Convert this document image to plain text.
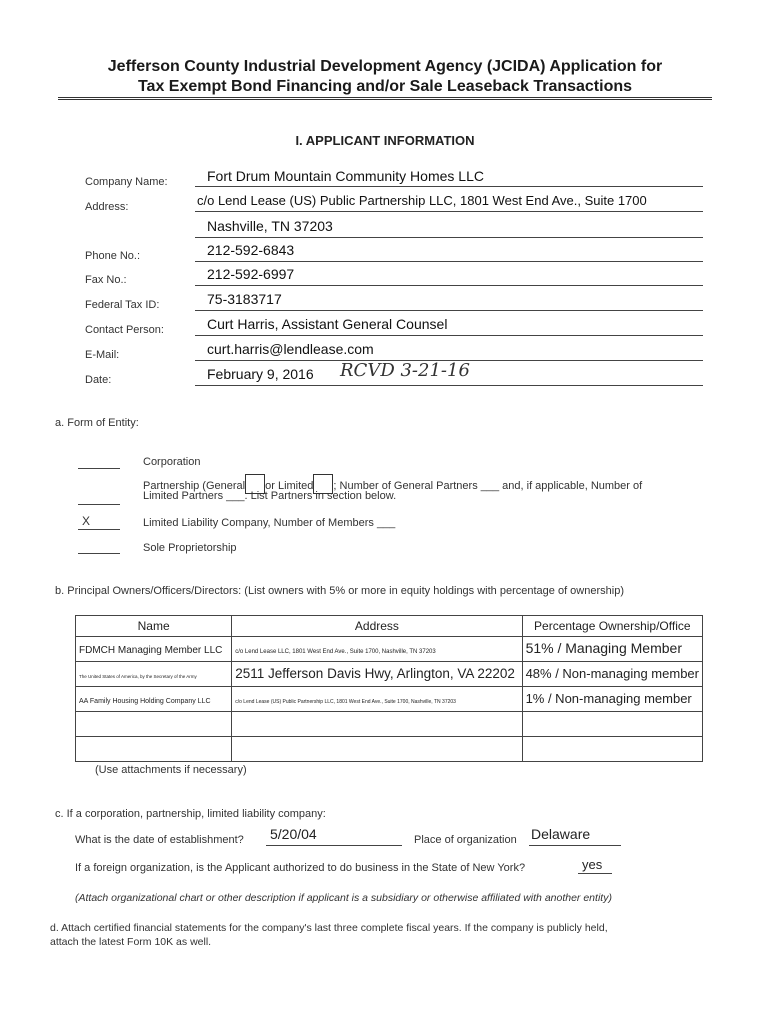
Jefferson County Industrial Development Agency (JCIDA) Application for
Tax Exempt Bond Financing and/or Sale Leaseback Transactions
I. APPLICANT INFORMATION
Company Name:	Fort Drum Mountain Community Homes LLC
Address:	c/o Lend Lease (US) Public Partnership LLC, 1801 West End Ave., Suite 1700
Nashville, TN 37203
Phone No.:	212-592-6843
Fax No.:	212-592-6997
Federal Tax ID:	75-3183717
Contact Person:	Curt Harris, Assistant General Counsel
E-Mail:	curt.harris@lendlease.com
Date:	February 9, 2016 RCVD 3-21-16
a. Form of Entity:
Corporation
Partnership (General or Limited ; Number of General Partners ___ and, if applicable, Number of
Limited Partners ___. List Partners in section below.
X	Limited Liability Company, Number of Members ___
Sole Proprietorship
b. Principal Owners/Officers/Directors: (List owners with 5% or more in equity holdings with percentage of ownership)
Name	Address	Percentage Ownership/Office
FDMCH Managing Member LLC	c/o Lend Lease LLC, 1801 West End Ave., Suite 1700, Nashville, TN 37203	51% / Managing Member
The United States of America, by the Secretary of the Army	2511 Jefferson Davis Hwy, Arlington, VA 22202	48% / Non-managing member
AA Family Housing Holding Company LLC	c/o Lend Lease (US) Public Partnership LLC, 1801 West End Ave., Suite 1700, Nashville, TN 37203	1% / Non-managing member

(Use attachments if necessary)
c. If a corporation, partnership, limited liability company:
What is the date of establishment? 5/20/04	Place of organization Delaware
If a foreign organization, is the Applicant authorized to do business in the State of New York?	yes
(Attach organizational chart or other description if applicant is a subsidiary or otherwise affiliated with another entity)
d. Attach certified financial statements for the company's last three complete fiscal years. If the company is publicly held,
attach the latest Form 10K as well.
